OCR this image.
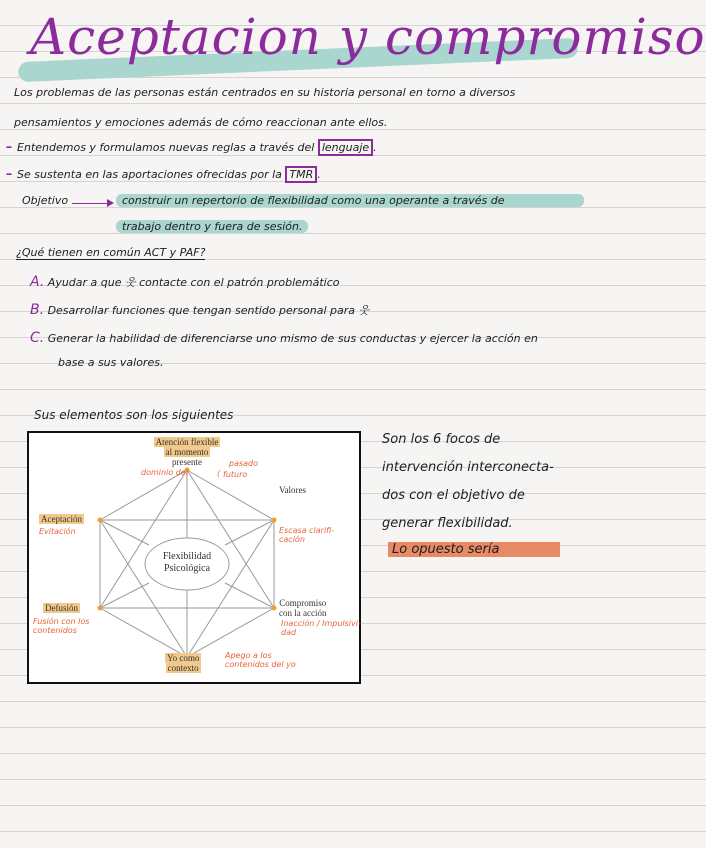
Aceptacion y compromiso
Los problemas de las personas están centrados en su historia personal en torno a diversos
pensamientos y emociones además de cómo reaccionan ante ellos.
– Entendemos y formulamos nuevas reglas a través del lenguaje .
– Se sustenta en las aportaciones ofrecidas por la TMR .
Objetivo	construir un repertorio de flexibilidad como una operante a través de
trabajo dentro y fuera de sesión.
¿Qué tienen en común ACT y PAF?
A. Ayudar a que 웃 contacte con el patrón problemático
B. Desarrollar funciones que tengan sentido personal para 웃
C. Generar la habilidad de diferenciarse uno mismo de sus conductas y ejercer la acción en
base a sus valores.
Sus elementos son los siguientes
Flexibilidad
Psicológica
Atención flexible
al momento
presente
Valores
Compromiso
con la acción
Yo como
contexto
Defusión
Aceptación
pasado
dominio del	( futuro
Escasa clarifi-
cación
Inacción / Impulsivi-
dad
Apego a los
contenidos del yo
Fusión con los
contenidos
Evitación
Son los 6 focos de
intervención interconecta-
dos con el objetivo de
generar flexibilidad.
Lo opuesto sería
